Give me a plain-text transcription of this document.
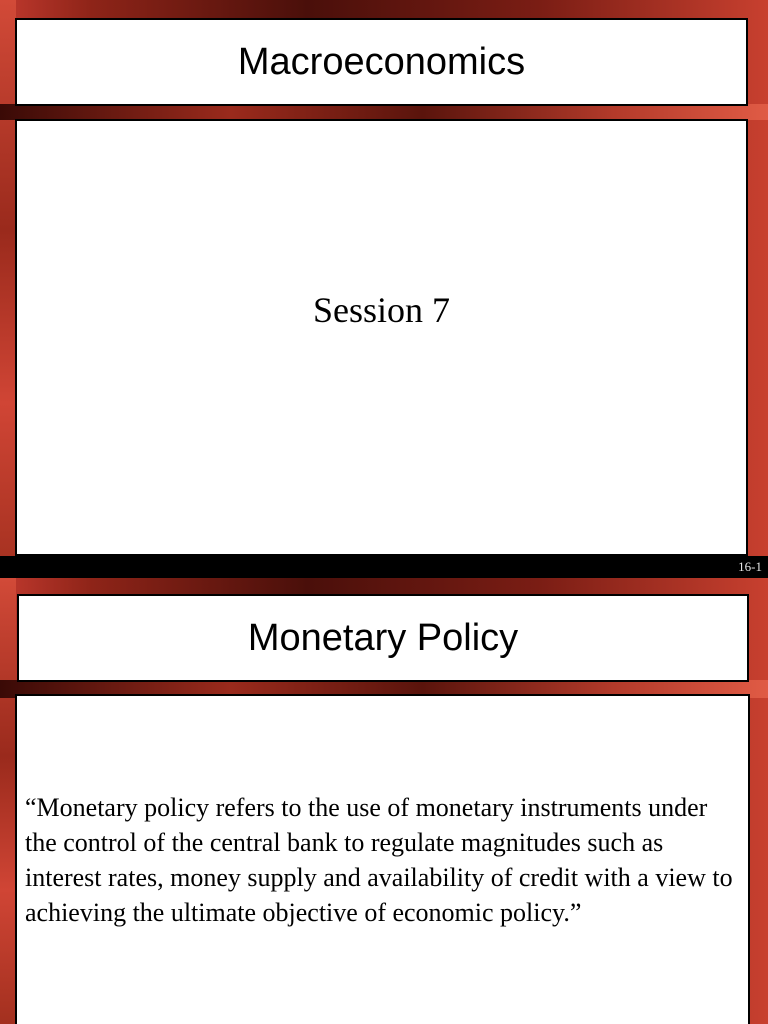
Macroeconomics
Session 7
16-1
Monetary Policy
“Monetary policy refers to the use of monetary instruments under the control of the central bank to regulate magnitudes such as interest rates, money supply and availability of credit with a view to achieving the ultimate objective of economic policy.”
